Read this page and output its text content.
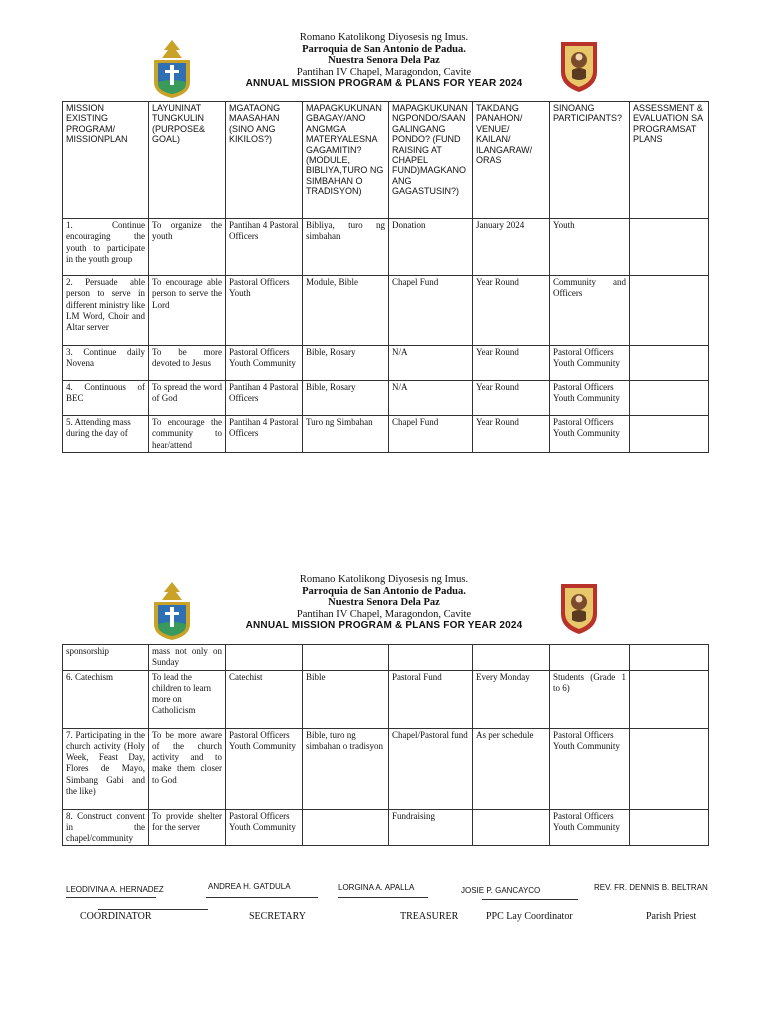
Romano Katolikong Diyosesis ng Imus.
Parroquia de San Antonio de Padua.
Nuestra Senora Dela Paz
Pantihan IV Chapel, Maragondon, Cavite
ANNUAL MISSION PROGRAM & PLANS FOR YEAR 2024
MISSION EXISTING PROGRAM/ MISSIONPLAN	LAYUNINAT TUNGKULIN (PURPOSE& GOAL)	MGATAONG MAASAHAN (SINO ANG KIKILOS?)	MAPAGKUKUNAN GBAGAY/ANO ANGMGA MATERYALESNA GAGAMITIN? (MODULE, BIBLIYA,TURO NG SIMBAHAN O TRADISYON)	MAPAGKUKUNAN NGPONDO/SAAN GALINGANG PONDO? (FUND RAISING AT CHAPEL FUND)MAGKANO ANG GAGASTUSIN?)	TAKDANG PANAHON/ VENUE/ KAILAN/ ILANGARAW/ ORAS	SINOANG PARTICIPANTS?	ASSESSMENT & EVALUATION SA PROGRAMSAT PLANS
1. Continue encouraging the youth to participate in the youth group	To organize the youth	Pantihan 4 Pastoral Officers	Bibliya, turo ng simbahan	Donation	January 2024	Youth	
2. Persuade able person to serve in different ministry like LM Word, Choir and Altar server	To encourage able person to serve the Lord	Pastoral Officers Youth	Module, Bible	Chapel Fund	Year Round	Community and Officers	
3. Continue daily Novena	To be more devoted to Jesus	Pastoral Officers Youth Community	Bible, Rosary	N/A	Year Round	Pastoral Officers Youth Community	
4. Continuous of BEC	To spread the word of God	Pantihan 4 Pastoral Officers	Bible, Rosary	N/A	Year Round	Pastoral Officers Youth Community	
5. Attending mass during the day of	To encourage the community to hear/attend	Pantihan 4 Pastoral Officers	Turo ng Simbahan	Chapel Fund	Year Round	Pastoral Officers Youth Community	
Romano Katolikong Diyosesis ng Imus.
Parroquia de San Antonio de Padua.
Nuestra Senora Dela Paz
Pantihan IV Chapel, Maragondon, Cavite
ANNUAL MISSION PROGRAM & PLANS FOR YEAR 2024
sponsorship	mass not only on Sunday						
6. Catechism	To lead the children to learn more on Catholicism	Catechist	Bible	Pastoral Fund	Every Monday	Students (Grade 1 to 6)	
7. Participating in the church activity (Holy Week, Feast Day, Flores de Mayo, Simbang Gabi and the like)	To be more aware of the church activity and to make them closer to God	Pastoral Officers Youth Community	Bible, turo ng simbahan o tradisyon	Chapel/Pastoral fund	As per schedule	Pastoral Officers Youth Community	
8. Construct convent in the chapel/community	To provide shelter for the server	Pastoral Officers Youth Community		Fundraising		Pastoral Officers Youth Community	
LEODIVINA A. HERNADEZ
COORDINATOR
ANDREA H. GATDULA
SECRETARY
LORGINA A. APALLA
TREASURER
JOSIE P. GANCAYCO
PPC Lay Coordinator
REV. FR. DENNIS B. BELTRAN
Parish Priest
